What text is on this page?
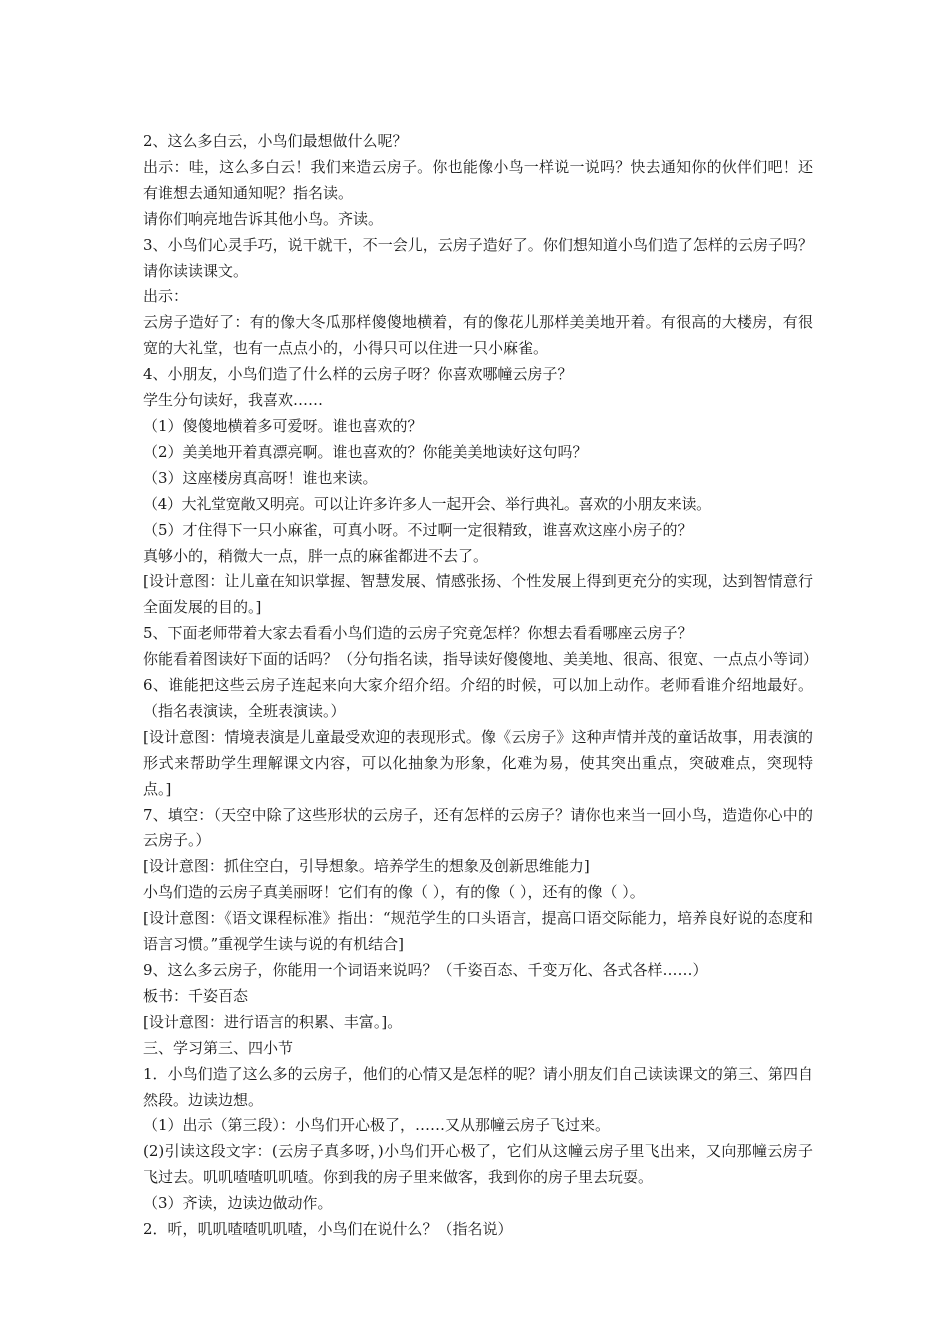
2、这么多白云，小鸟们最想做什么呢？

出示：哇，这么多白云！我们来造云房子。你也能像小鸟一样说一说吗？快去通知你的伙伴们吧！还有谁想去通知通知呢？指名读。

请你们响亮地告诉其他小鸟。齐读。

3、小鸟们心灵手巧，说干就干，不一会儿，云房子造好了。你们想知道小鸟们造了怎样的云房子吗？请你读读课文。

出示：

云房子造好了：有的像大冬瓜那样傻傻地横着，有的像花儿那样美美地开着。有很高的大楼房，有很宽的大礼堂，也有一点点小的，小得只可以住进一只小麻雀。

4、小朋友，小鸟们造了什么样的云房子呀？你喜欢哪幢云房子？

学生分句读好，我喜欢……

（1）傻傻地横着多可爱呀。谁也喜欢的？

（2）美美地开着真漂亮啊。谁也喜欢的？你能美美地读好这句吗？

（3）这座楼房真高呀！谁也来读。

（4）大礼堂宽敞又明亮。可以让许多许多人一起开会、举行典礼。喜欢的小朋友来读。

（5）才住得下一只小麻雀，可真小呀。不过啊一定很精致，谁喜欢这座小房子的？

真够小的，稍微大一点，胖一点的麻雀都进不去了。

[设计意图：让儿童在知识掌握、智慧发展、情感张扬、个性发展上得到更充分的实现，达到智情意行全面发展的目的。]

5、下面老师带着大家去看看小鸟们造的云房子究竟怎样？你想去看看哪座云房子？

你能看着图读好下面的话吗？（分句指名读，指导读好傻傻地、美美地、很高、很宽、一点点小等词）

6、谁能把这些云房子连起来向大家介绍介绍。介绍的时候，可以加上动作。老师看谁介绍地最好。（指名表演读，全班表演读。）

[设计意图：情境表演是儿童最受欢迎的表现形式。像《云房子》这种声情并茂的童话故事，用表演的形式来帮助学生理解课文内容，可以化抽象为形象，化难为易，使其突出重点，突破难点，突现特点。]

7、填空：（天空中除了这些形状的云房子，还有怎样的云房子？请你也来当一回小鸟，造造你心中的云房子。）

[设计意图：抓住空白，引导想象。培养学生的想象及创新思维能力]

小鸟们造的云房子真美丽呀！它们有的像（ ），有的像（ ），还有的像（ ）。

[设计意图：《语文课程标准》指出：“规范学生的口头语言，提高口语交际能力，培养良好说的态度和语言习惯。”重视学生读与说的有机结合]

9、这么多云房子，你能用一个词语来说吗？（千姿百态、千变万化、各式各样……）

板书：千姿百态

[设计意图：进行语言的积累、丰富。]。

三、学习第三、四小节

1．小鸟们造了这么多的云房子，他们的心情又是怎样的呢？请小朋友们自己读读课文的第三、第四自然段。边读边想。

（1）出示（第三段）：小鸟们开心极了，……又从那幢云房子飞过来。

(2)引读这段文字：(云房子真多呀，)小鸟们开心极了，它们从这幢云房子里飞出来，又向那幢云房子飞过去。叽叽喳喳叽叽喳。你到我的房子里来做客，我到你的房子里去玩耍。

（3）齐读，边读边做动作。

2．听，叽叽喳喳叽叽喳，小鸟们在说什么？（指名说）
